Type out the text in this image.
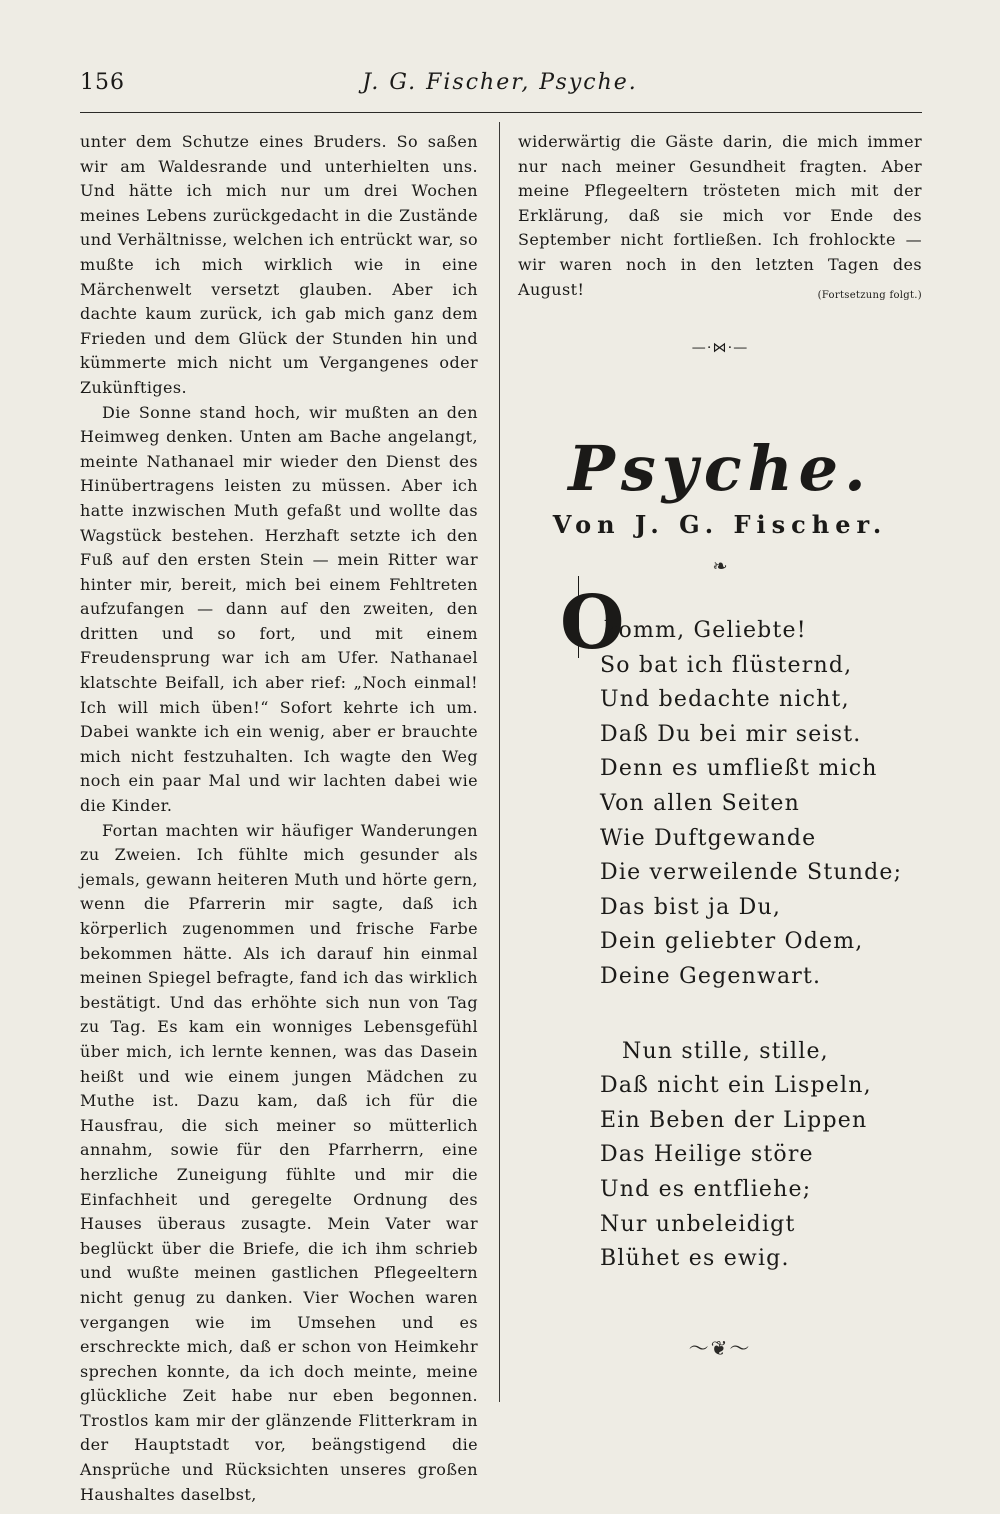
156	J. G. Fischer, Psyche.

unter dem Schutze eines Bruders. So saßen wir am Waldesrande und unterhielten uns. Und hätte ich mich nur um drei Wochen meines Lebens zurückgedacht in die Zustände und Verhältnisse, welchen ich entrückt war, so mußte ich mich wirklich wie in eine Märchenwelt versetzt glauben. Aber ich dachte kaum zurück, ich gab mich ganz dem Frieden und dem Glück der Stunden hin und kümmerte mich nicht um Vergangenes oder Zukünftiges.

Die Sonne stand hoch, wir mußten an den Heimweg denken. Unten am Bache angelangt, meinte Nathanael mir wieder den Dienst des Hinübertragens leisten zu müssen. Aber ich hatte inzwischen Muth gefaßt und wollte das Wagstück bestehen. Herzhaft setzte ich den Fuß auf den ersten Stein — mein Ritter war hinter mir, bereit, mich bei einem Fehltreten aufzufangen — dann auf den zweiten, den dritten und so fort, und mit einem Freudensprung war ich am Ufer. Nathanael klatschte Beifall, ich aber rief: „Noch einmal! Ich will mich üben!“ Sofort kehrte ich um. Dabei wankte ich ein wenig, aber er brauchte mich nicht festzuhalten. Ich wagte den Weg noch ein paar Mal und wir lachten dabei wie die Kinder.

Fortan machten wir häufiger Wanderungen zu Zweien. Ich fühlte mich gesunder als jemals, gewann heiteren Muth und hörte gern, wenn die Pfarrerin mir sagte, daß ich körperlich zugenommen und frische Farbe bekommen hätte. Als ich darauf hin einmal meinen Spiegel befragte, fand ich das wirklich bestätigt. Und das erhöhte sich nun von Tag zu Tag. Es kam ein wonniges Lebensgefühl über mich, ich lernte kennen, was das Dasein heißt und wie einem jungen Mädchen zu Muthe ist. Dazu kam, daß ich für die Hausfrau, die sich meiner so mütterlich annahm, sowie für den Pfarrherrn, eine herzliche Zuneigung fühlte und mir die Einfachheit und geregelte Ordnung des Hauses überaus zusagte. Mein Vater war beglückt über die Briefe, die ich ihm schrieb und wußte meinen gastlichen Pflegeeltern nicht genug zu danken. Vier Wochen waren vergangen wie im Umsehen und es erschreckte mich, daß er schon von Heimkehr sprechen konnte, da ich doch meinte, meine glückliche Zeit habe nur eben begonnen. Trostlos kam mir der glänzende Flitterkram in der Hauptstadt vor, beängstigend die Ansprüche und Rücksichten unseres großen Haushaltes daselbst,

widerwärtig die Gäste darin, die mich immer nur nach meiner Gesundheit fragten. Aber meine Pflegeeltern trösteten mich mit der Erklärung, daß sie mich vor Ende des September nicht fortließen. Ich frohlockte — wir waren noch in den letzten Tagen des August!	(Fortsetzung folgt.)

—⋅⋈⋅—
Psyche.
Von J. G. Fischer.
❧
O
komm, Geliebte!
So bat ich flüsternd,
Und bedachte nicht,
Daß Du bei mir seist.
Denn es umfließt mich
Von allen Seiten
Wie Duftgewande
Die verweilende Stunde;
Das bist ja Du,
Dein geliebter Odem,
Deine Gegenwart.
Nun stille, stille,
Daß nicht ein Lispeln,
Ein Beben der Lippen
Das Heilige störe
Und es entfliehe;
Nur unbeleidigt
Blühet es ewig.
〜❦〜
